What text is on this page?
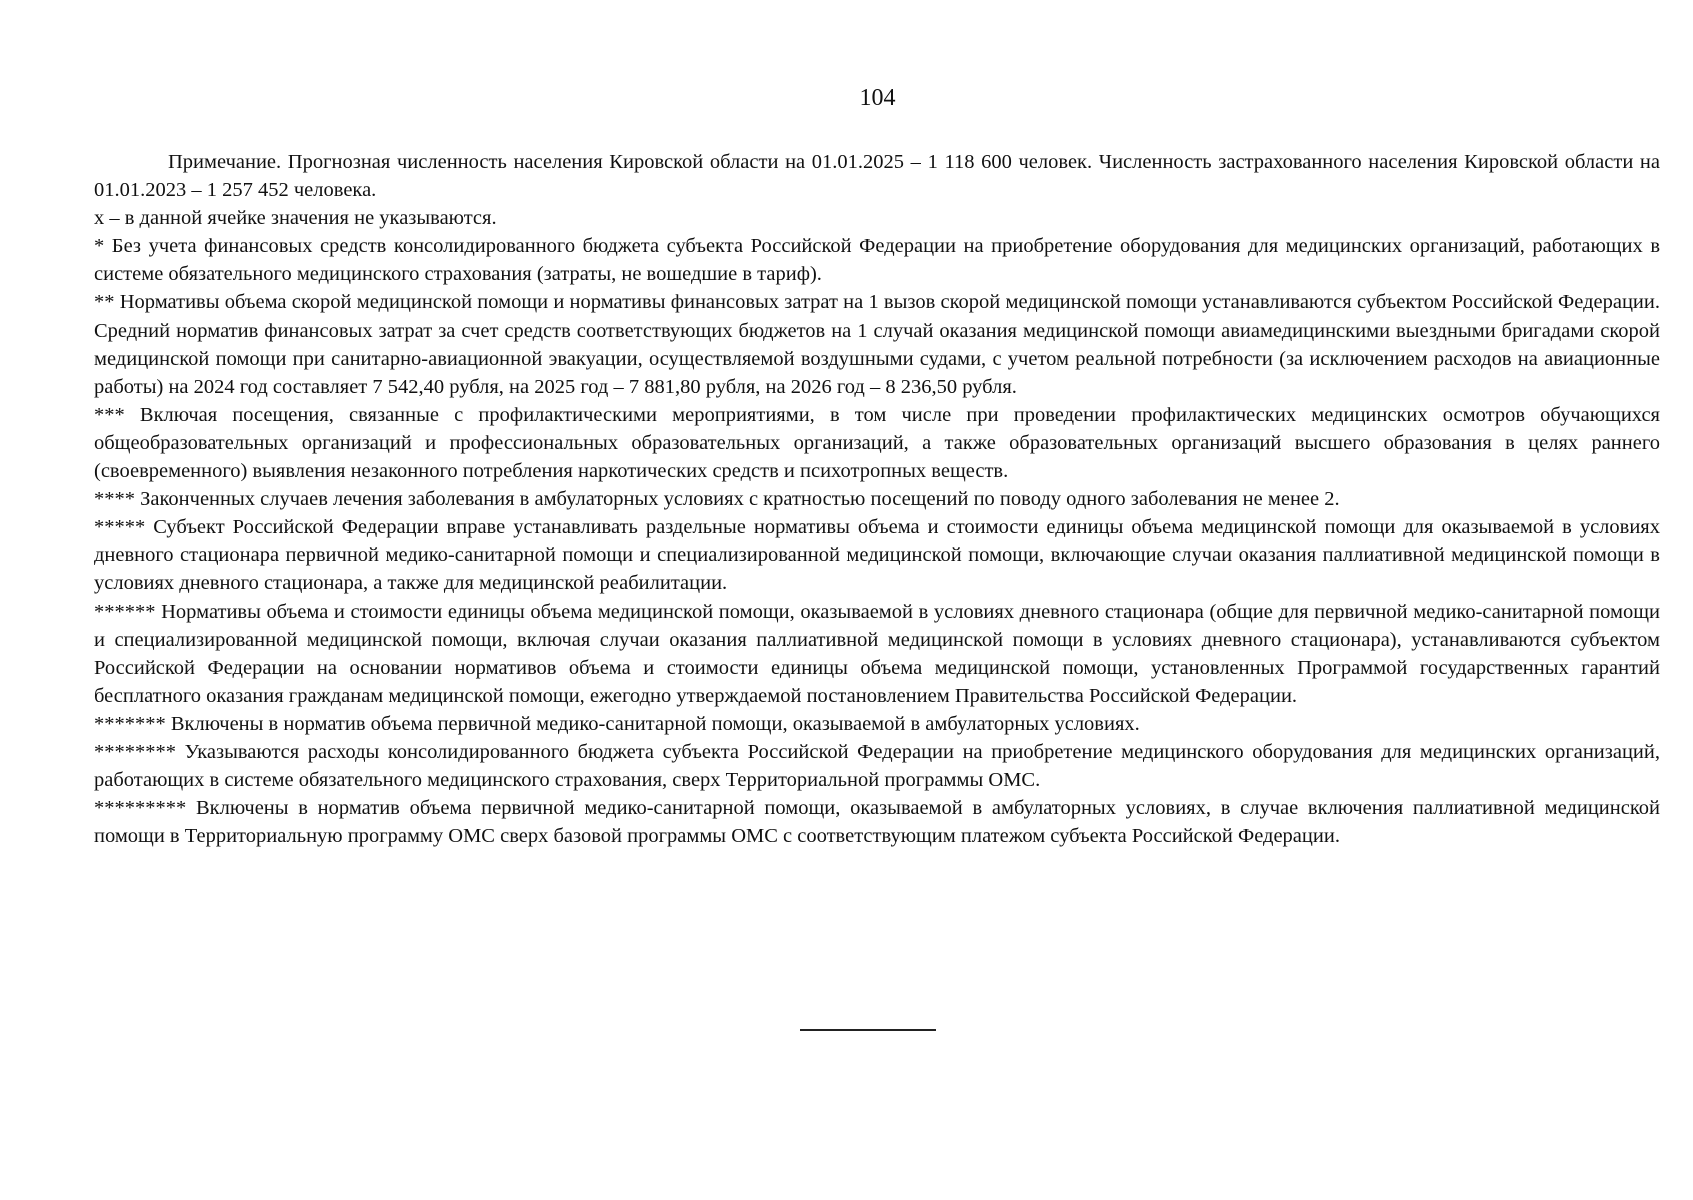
104

Примечание. Прогнозная численность населения Кировской области на 01.01.2025 – 1 118 600 человек. Численность застрахованного населения Кировской области на 01.01.2023 – 1 257 452 человека.

х – в данной ячейке значения не указываются.

* Без учета финансовых средств консолидированного бюджета субъекта Российской Федерации на приобретение оборудования для медицинских организаций, работающих в системе обязательного медицинского страхования (затраты, не вошедшие в тариф).

** Нормативы объема скорой медицинской помощи и нормативы финансовых затрат на 1 вызов скорой медицинской помощи устанавливаются субъектом Российской Федерации. Средний норматив финансовых затрат за счет средств соответствующих бюджетов на 1 случай оказания медицинской помощи авиамедицинскими выездными бригадами скорой медицинской помощи при санитарно-авиационной эвакуации, осуществляемой воздушными судами, с учетом реальной потребности (за исключением расходов на авиационные работы) на 2024 год составляет 7 542,40 рубля, на 2025 год – 7 881,80 рубля, на 2026 год – 8 236,50 рубля.

*** Включая посещения, связанные с профилактическими мероприятиями, в том числе при проведении профилактических медицинских осмотров обучающихся общеобразовательных организаций и профессиональных образовательных организаций, а также образовательных организаций высшего образования в целях раннего (своевременного) выявления незаконного потребления наркотических средств и психотропных веществ.

**** Законченных случаев лечения заболевания в амбулаторных условиях с кратностью посещений по поводу одного заболевания не менее 2.

***** Субъект Российской Федерации вправе устанавливать раздельные нормативы объема и стоимости единицы объема медицинской помощи для оказываемой в условиях дневного стационара первичной медико-санитарной помощи и специализированной медицинской помощи, включающие случаи оказания паллиативной медицинской помощи в условиях дневного стационара, а также для медицинской реабилитации.

****** Нормативы объема и стоимости единицы объема медицинской помощи, оказываемой в условиях дневного стационара (общие для первичной медико-санитарной помощи и специализированной медицинской помощи, включая случаи оказания паллиативной медицинской помощи в условиях дневного стационара), устанавливаются субъектом Российской Федерации на основании нормативов объема и стоимости единицы объема медицинской помощи, установленных Программой государственных гарантий бесплатного оказания гражданам медицинской помощи, ежегодно утверждаемой постановлением Правительства Российской Федерации.

******* Включены в норматив объема первичной медико-санитарной помощи, оказываемой в амбулаторных условиях.

******** Указываются расходы консолидированного бюджета субъекта Российской Федерации на приобретение медицинского оборудования для медицинских организаций, работающих в системе обязательного медицинского страхования, сверх Территориальной программы ОМС.

********* Включены в норматив объема первичной медико-санитарной помощи, оказываемой в амбулаторных условиях, в случае включения паллиативной медицинской помощи в Территориальную программу ОМС сверх базовой программы ОМС с соответствующим платежом субъекта Российской Федерации.
